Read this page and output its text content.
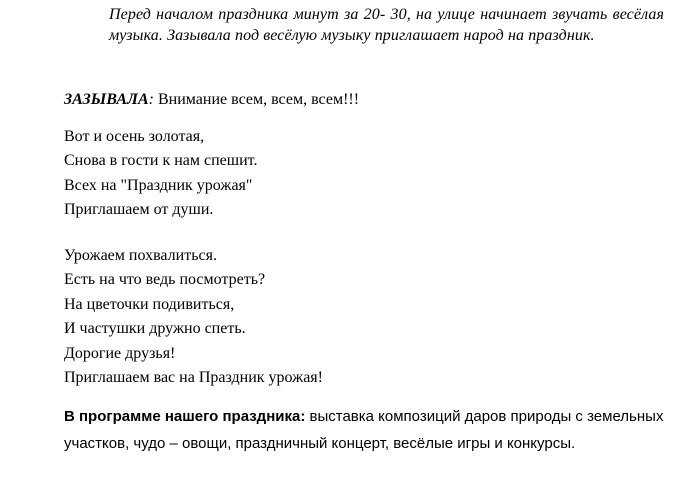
Перед началом праздника минут за 20- 30, на улице начинает звучать весёлая музыка. Зазывала под весёлую музыку приглашает народ на праздник.

ЗАЗЫВАЛА: Внимание всем, всем, всем!!!
Вот и осень золотая,
Снова в гости к нам спешит.
Всех на "Праздник урожая"
Приглашаем от души.
Урожаем похвалиться.
Есть на что ведь посмотреть?
На цветочки подивиться,
И частушки дружно спеть.
Дорогие друзья!
Приглашаем вас на Праздник урожая!

В программе нашего праздника: выставка композиций даров природы с земельных участков, чудо – овощи, праздничный концерт, весёлые игры и конкурсы.
